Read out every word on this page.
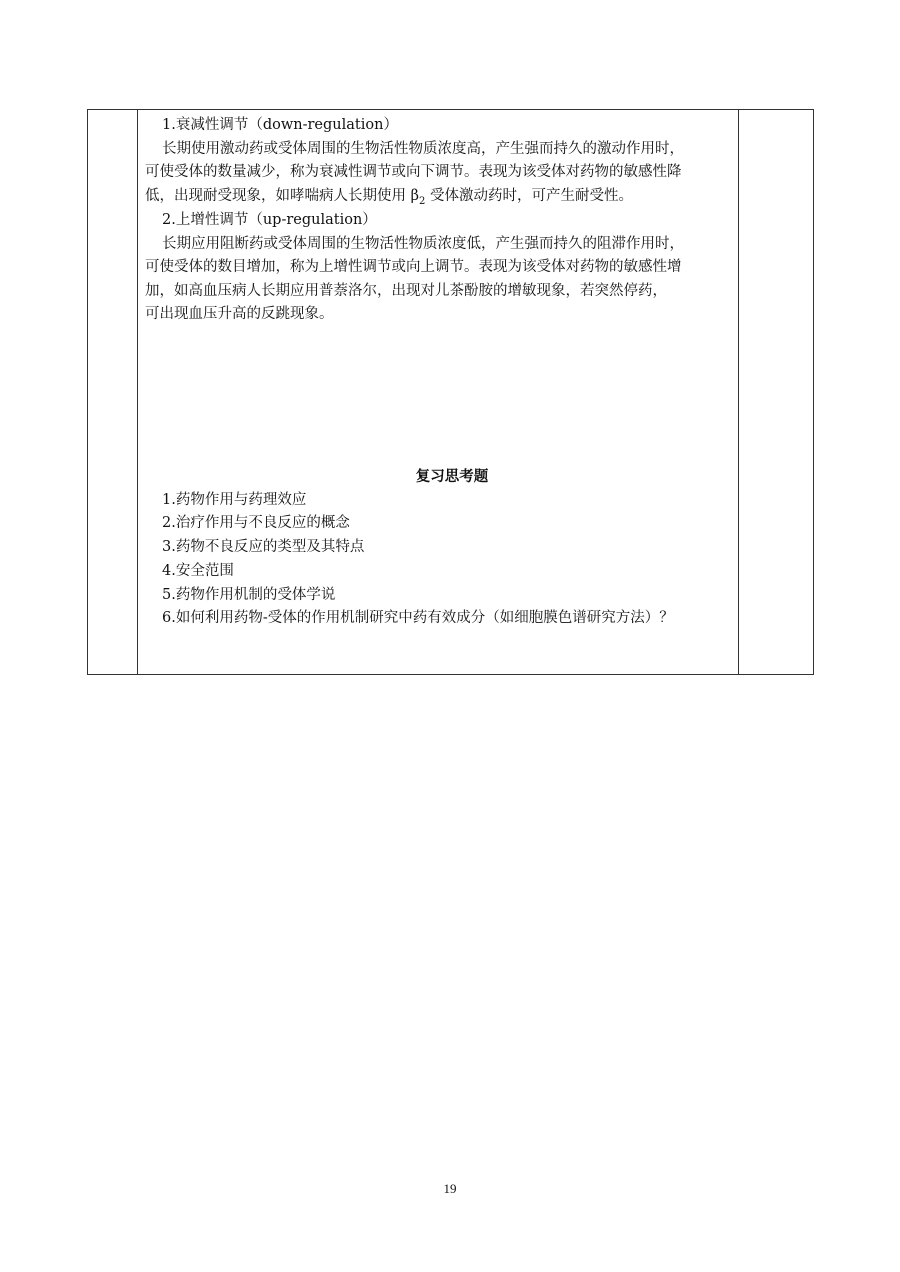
1.衰减性调节（down-regulation）

长期使用激动药或受体周围的生物活性物质浓度高，产生强而持久的激动作用时，

可使受体的数量减少，称为衰减性调节或向下调节。表现为该受体对药物的敏感性降

低，出现耐受现象，如哮喘病人长期使用 $\beta_2$ 受体激动药时，可产生耐受性。

2.上增性调节（up-regulation）

长期应用阻断药或受体周围的生物活性物质浓度低，产生强而持久的阻滞作用时，

可使受体的数目增加，称为上增性调节或向上调节。表现为该受体对药物的敏感性增

加，如高血压病人长期应用普萘洛尔，出现对儿茶酚胺的增敏现象，若突然停药，

可出现血压升高的反跳现象。

复习思考题

1.药物作用与药理效应

2.治疗作用与不良反应的概念

3.药物不良反应的类型及其特点

4.安全范围

5.药物作用机制的受体学说

6.如何利用药物-受体的作用机制研究中药有效成分（如细胞膜色谱研究方法）？

19
